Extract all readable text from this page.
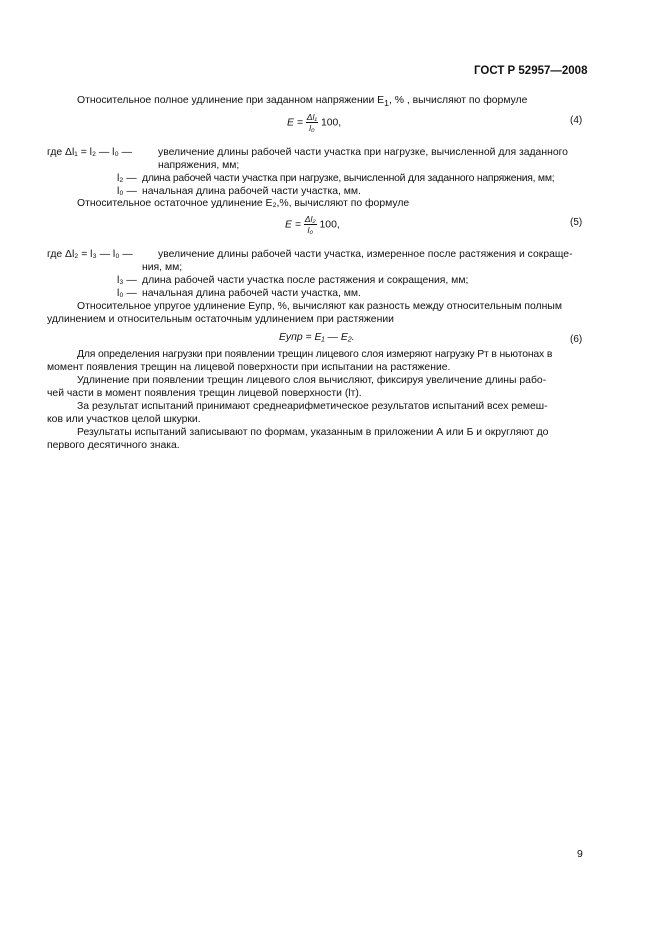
ГОСТ Р 52957—2008
Относительное полное удлинение при заданном напряжении $E_1$, % , вычисляют по формуле
$E = \frac{\text{Δl₁}}{\text{l₀}} 100$,	(4)
где Δl₁ = l₂ — l₀ — увеличение длины рабочей части участка при нагрузке, вычисленной для заданного
напряжения, мм;
l₂ — длина рабочей части участка при нагрузке, вычисленной для заданного напряжения, мм;
l₀ — начальная длина рабочей части участка, мм.
Относительное остаточное удлинение E₂,%, вычисляют по формуле
$E = \frac{\text{Δl₂}}{\text{l₀}} 100$,	(5)
где Δl₂ = l₃ — l₀ — увеличение длины рабочей части участка, измеренное после растяжения и сокраще-
ния, мм;
l₃ — длина рабочей части участка после растяжения и сокращения, мм;
l₀ — начальная длина рабочей части участка, мм.
Относительное упругое удлинение Eупр, %, вычисляют как разность между относительным полным
удлинением и относительным остаточным удлинением при растяжении
Eупр = E₁ — E₂.	(6)
Для определения нагрузки при появлении трещин лицевого слоя измеряют нагрузку Pт в ньютонах в
момент появления трещин на лицевой поверхности при испытании на растяжение.
Удлинение при появлении трещин лицевого слоя вычисляют, фиксируя увеличение длины рабо-
чей части в момент появления трещин лицевой поверхности (lт).
За результат испытаний принимают среднеарифметическое результатов испытаний всех ремеш-
ков или участков целой шкурки.
Результаты испытаний записывают по формам, указанным в приложении А или Б и округляют до
первого десятичного знака.
9
